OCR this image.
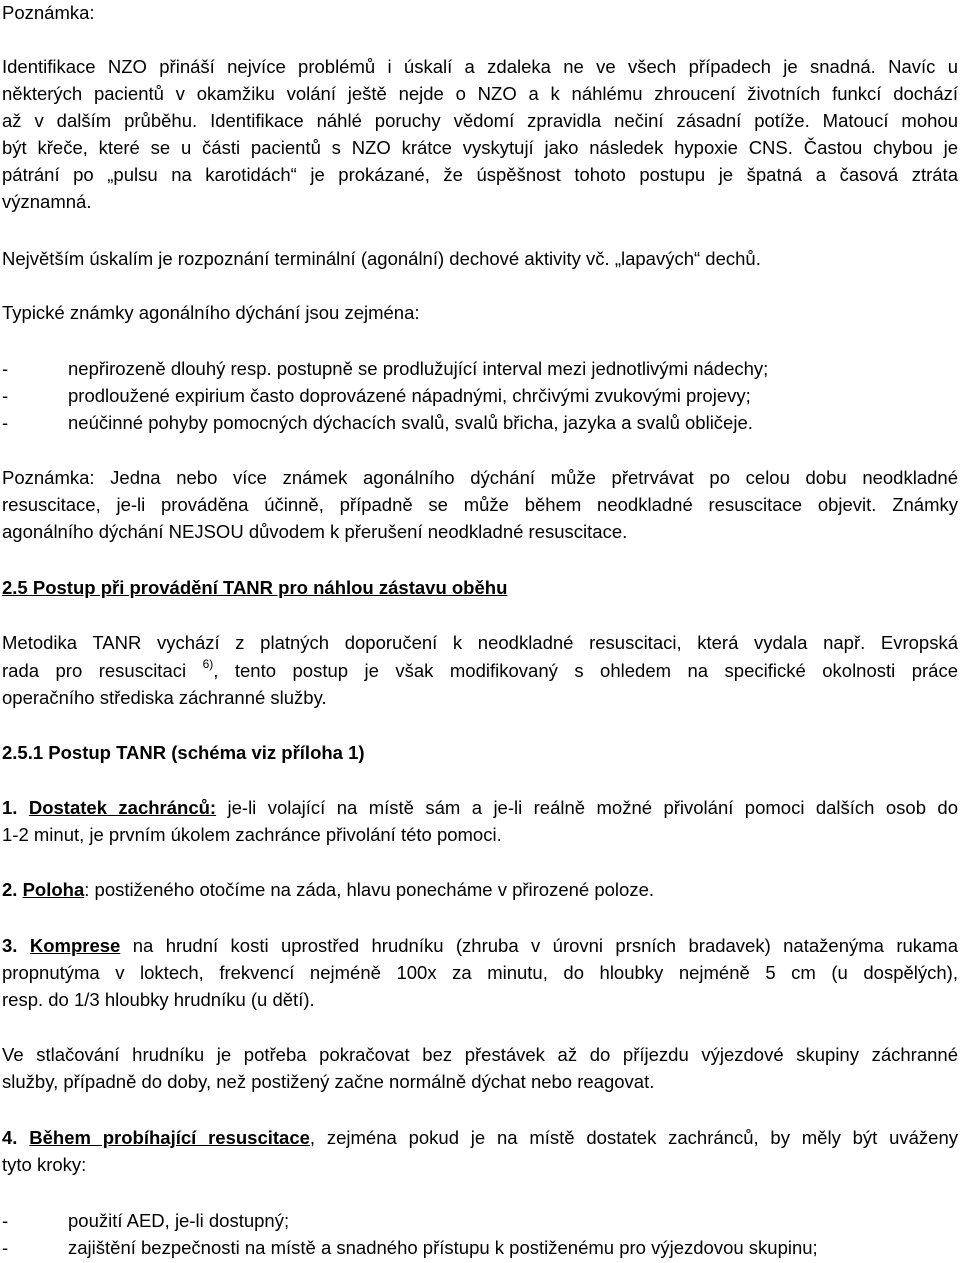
Poznámka:
Identifikace NZO přináší nejvíce problémů i úskalí a zdaleka ne ve všech případech je snadná. Navíc u
některých pacientů v okamžiku volání ještě nejde o NZO a k náhlému zhroucení životních funkcí dochází
až v dalším průběhu. Identifikace náhlé poruchy vědomí zpravidla nečiní zásadní potíže. Matoucí mohou
být křeče, které se u části pacientů s NZO krátce vyskytují jako následek hypoxie CNS. Častou chybou je
pátrání po „pulsu na karotidách“ je prokázané, že úspěšnost tohoto postupu je špatná a časová ztráta
významná.
Největším úskalím je rozpoznání terminální (agonální) dechové aktivity vč. „lapavých“ dechů.
Typické známky agonálního dýchání jsou zejména:
-	nepřirozeně dlouhý resp. postupně se prodlužující interval mezi jednotlivými nádechy;
-	prodloužené expirium často doprovázené nápadnými, chrčivými zvukovými projevy;
-	neúčinné pohyby pomocných dýchacích svalů, svalů břicha, jazyka a svalů obličeje.
Poznámka: Jedna nebo více známek agonálního dýchání může přetrvávat po celou dobu neodkladné
resuscitace, je-li prováděna účinně, případně se může během neodkladné resuscitace objevit. Známky
agonálního dýchání NEJSOU důvodem k přerušení neodkladné resuscitace.
2.5 Postup při provádění TANR pro náhlou zástavu oběhu
Metodika TANR vychází z platných doporučení k neodkladné resuscitaci, která vydala např. Evropská
rada pro resuscitaci $^{6)}$, tento postup je však modifikovaný s ohledem na specifické okolnosti práce
operačního střediska záchranné služby.
2.5.1 Postup TANR (schéma viz příloha 1)
1. Dostatek zachránců: je-li volající na místě sám a je-li reálně možné přivolání pomoci dalších osob do
1-2 minut, je prvním úkolem zachránce přivolání této pomoci.
2. Poloha: postiženého otočíme na záda, hlavu ponecháme v přirozené poloze.
3. Komprese na hrudní kosti uprostřed hrudníku (zhruba v úrovni prsních bradavek) nataženýma rukama
propnutýma v loktech, frekvencí nejméně 100x za minutu, do hloubky nejméně 5 cm (u dospělých),
resp. do 1/3 hloubky hrudníku (u dětí).
Ve stlačování hrudníku je potřeba pokračovat bez přestávek až do příjezdu výjezdové skupiny záchranné
služby, případně do doby, než postižený začne normálně dýchat nebo reagovat.
4. Během probíhající resuscitace, zejména pokud je na místě dostatek zachránců, by měly být uváženy
tyto kroky:
-	použití AED, je-li dostupný;
-	zajištění bezpečnosti na místě a snadného přístupu k postiženému pro výjezdovou skupinu;
